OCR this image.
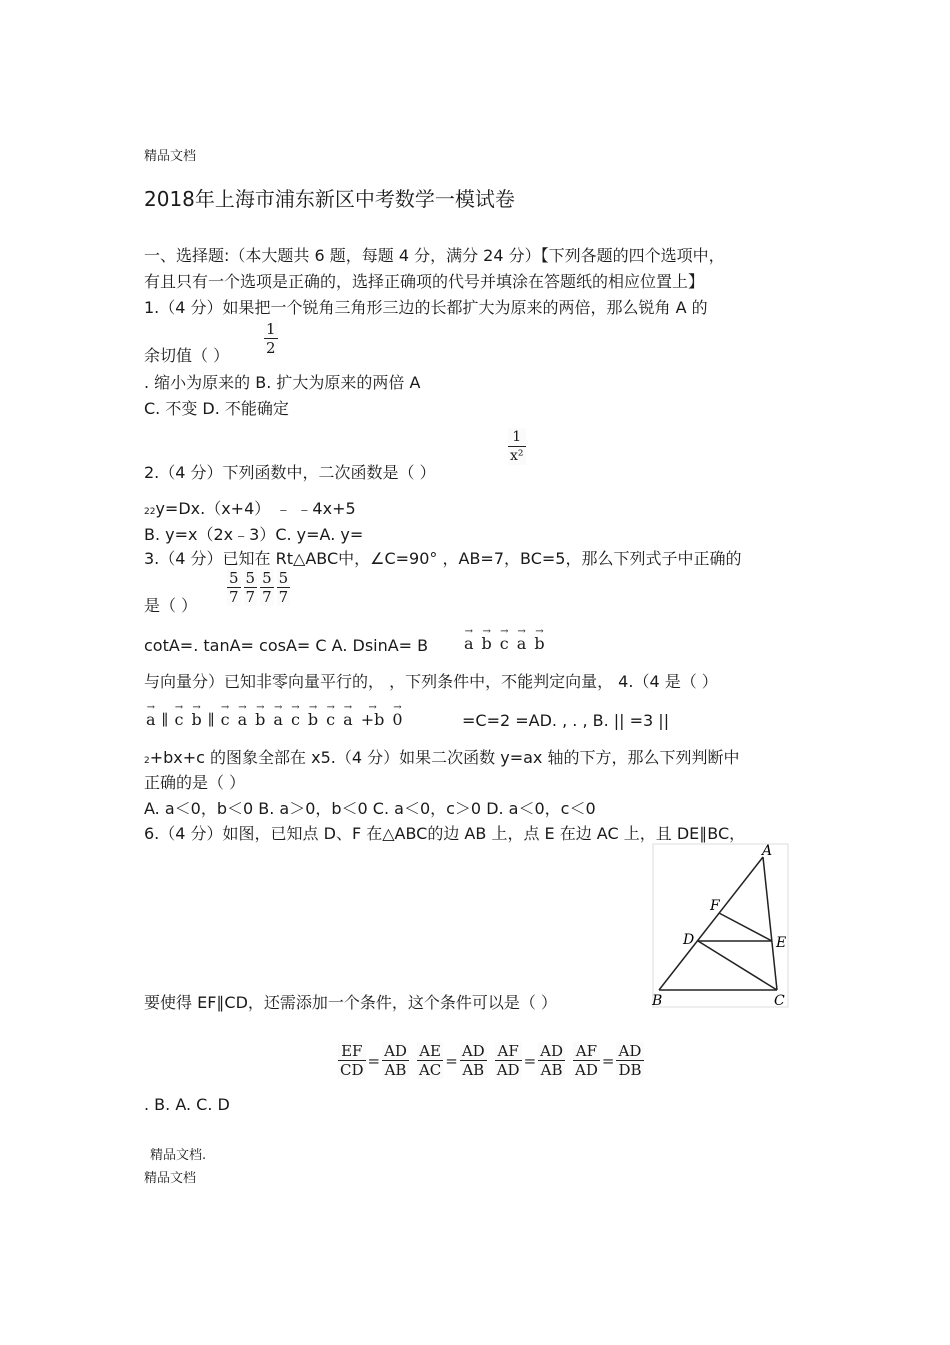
精品文档
2018年上海市浦东新区中考数学一模试卷
一、选择题:（本大题共 6 题，每题 4 分，满分 24 分）【下列各题的四个选项中，
有且只有一个选项是正确的，选择正确项的代号并填涂在答题纸的相应位置上】
1.（4 分）如果把一个锐角三角形三边的长都扩大为原来的两倍，那么锐角 A 的
$\frac{1}{2}$
余切值（ ）
. 缩小为原来的 B. 扩大为原来的两倍 A
C. 不变 D. 不能确定
$\frac{1}{\text{x²}}$
2.（4 分）下列函数中，二次函数是（ ）
22y=Dx.（x+4） ﹣ ﹣4x+5
B. y=x（2x﹣3）C. y=A. y=
3.（4 分）已知在 Rt△ABC中，∠C=90° ，AB=7，BC=5，那么下列式子中正确的
$\frac{5}{7} \frac{5}{7} \frac{5}{7} \frac{5}{7}$
是（ ）
cotA=. tanA= cosA= C A. DsinA= B → a → b → c → a → b
与向量分）已知非零向量平行的， ，下列条件中，不能判定向量， 4.（4 是（ ）
→ a ∥ → c → b ∥ → c → a → b → a → c → b → c → a → +b → 0	=C=2 =AD. , . , B. || =3 ||
2+bx+c 的图象全部在 x5.（4 分）如果二次函数 y=ax 轴的下方，那么下列判断中
正确的是（ ）
A. a＜0，b＜0 B. a＞0，b＜0 C. a＜0，c＞0 D. a＜0，c＜0
6.（4 分）如图，已知点 D、F 在△ABC的边 AB 上，点 E 在边 AC 上，且 DE∥BC，
A
B	C
D	E
F
要使得 EF∥CD，还需添加一个条件，这个条件可以是（ ）
$\frac{EF}{CD} = \frac{AD}{AB} \frac{AE}{AC} = \frac{AD}{AB} \frac{AF}{AD} = \frac{AD}{AB} \frac{AF}{AD} = \frac{AD}{DB}$
. B. A. C. D
精品文档.
精品文档
